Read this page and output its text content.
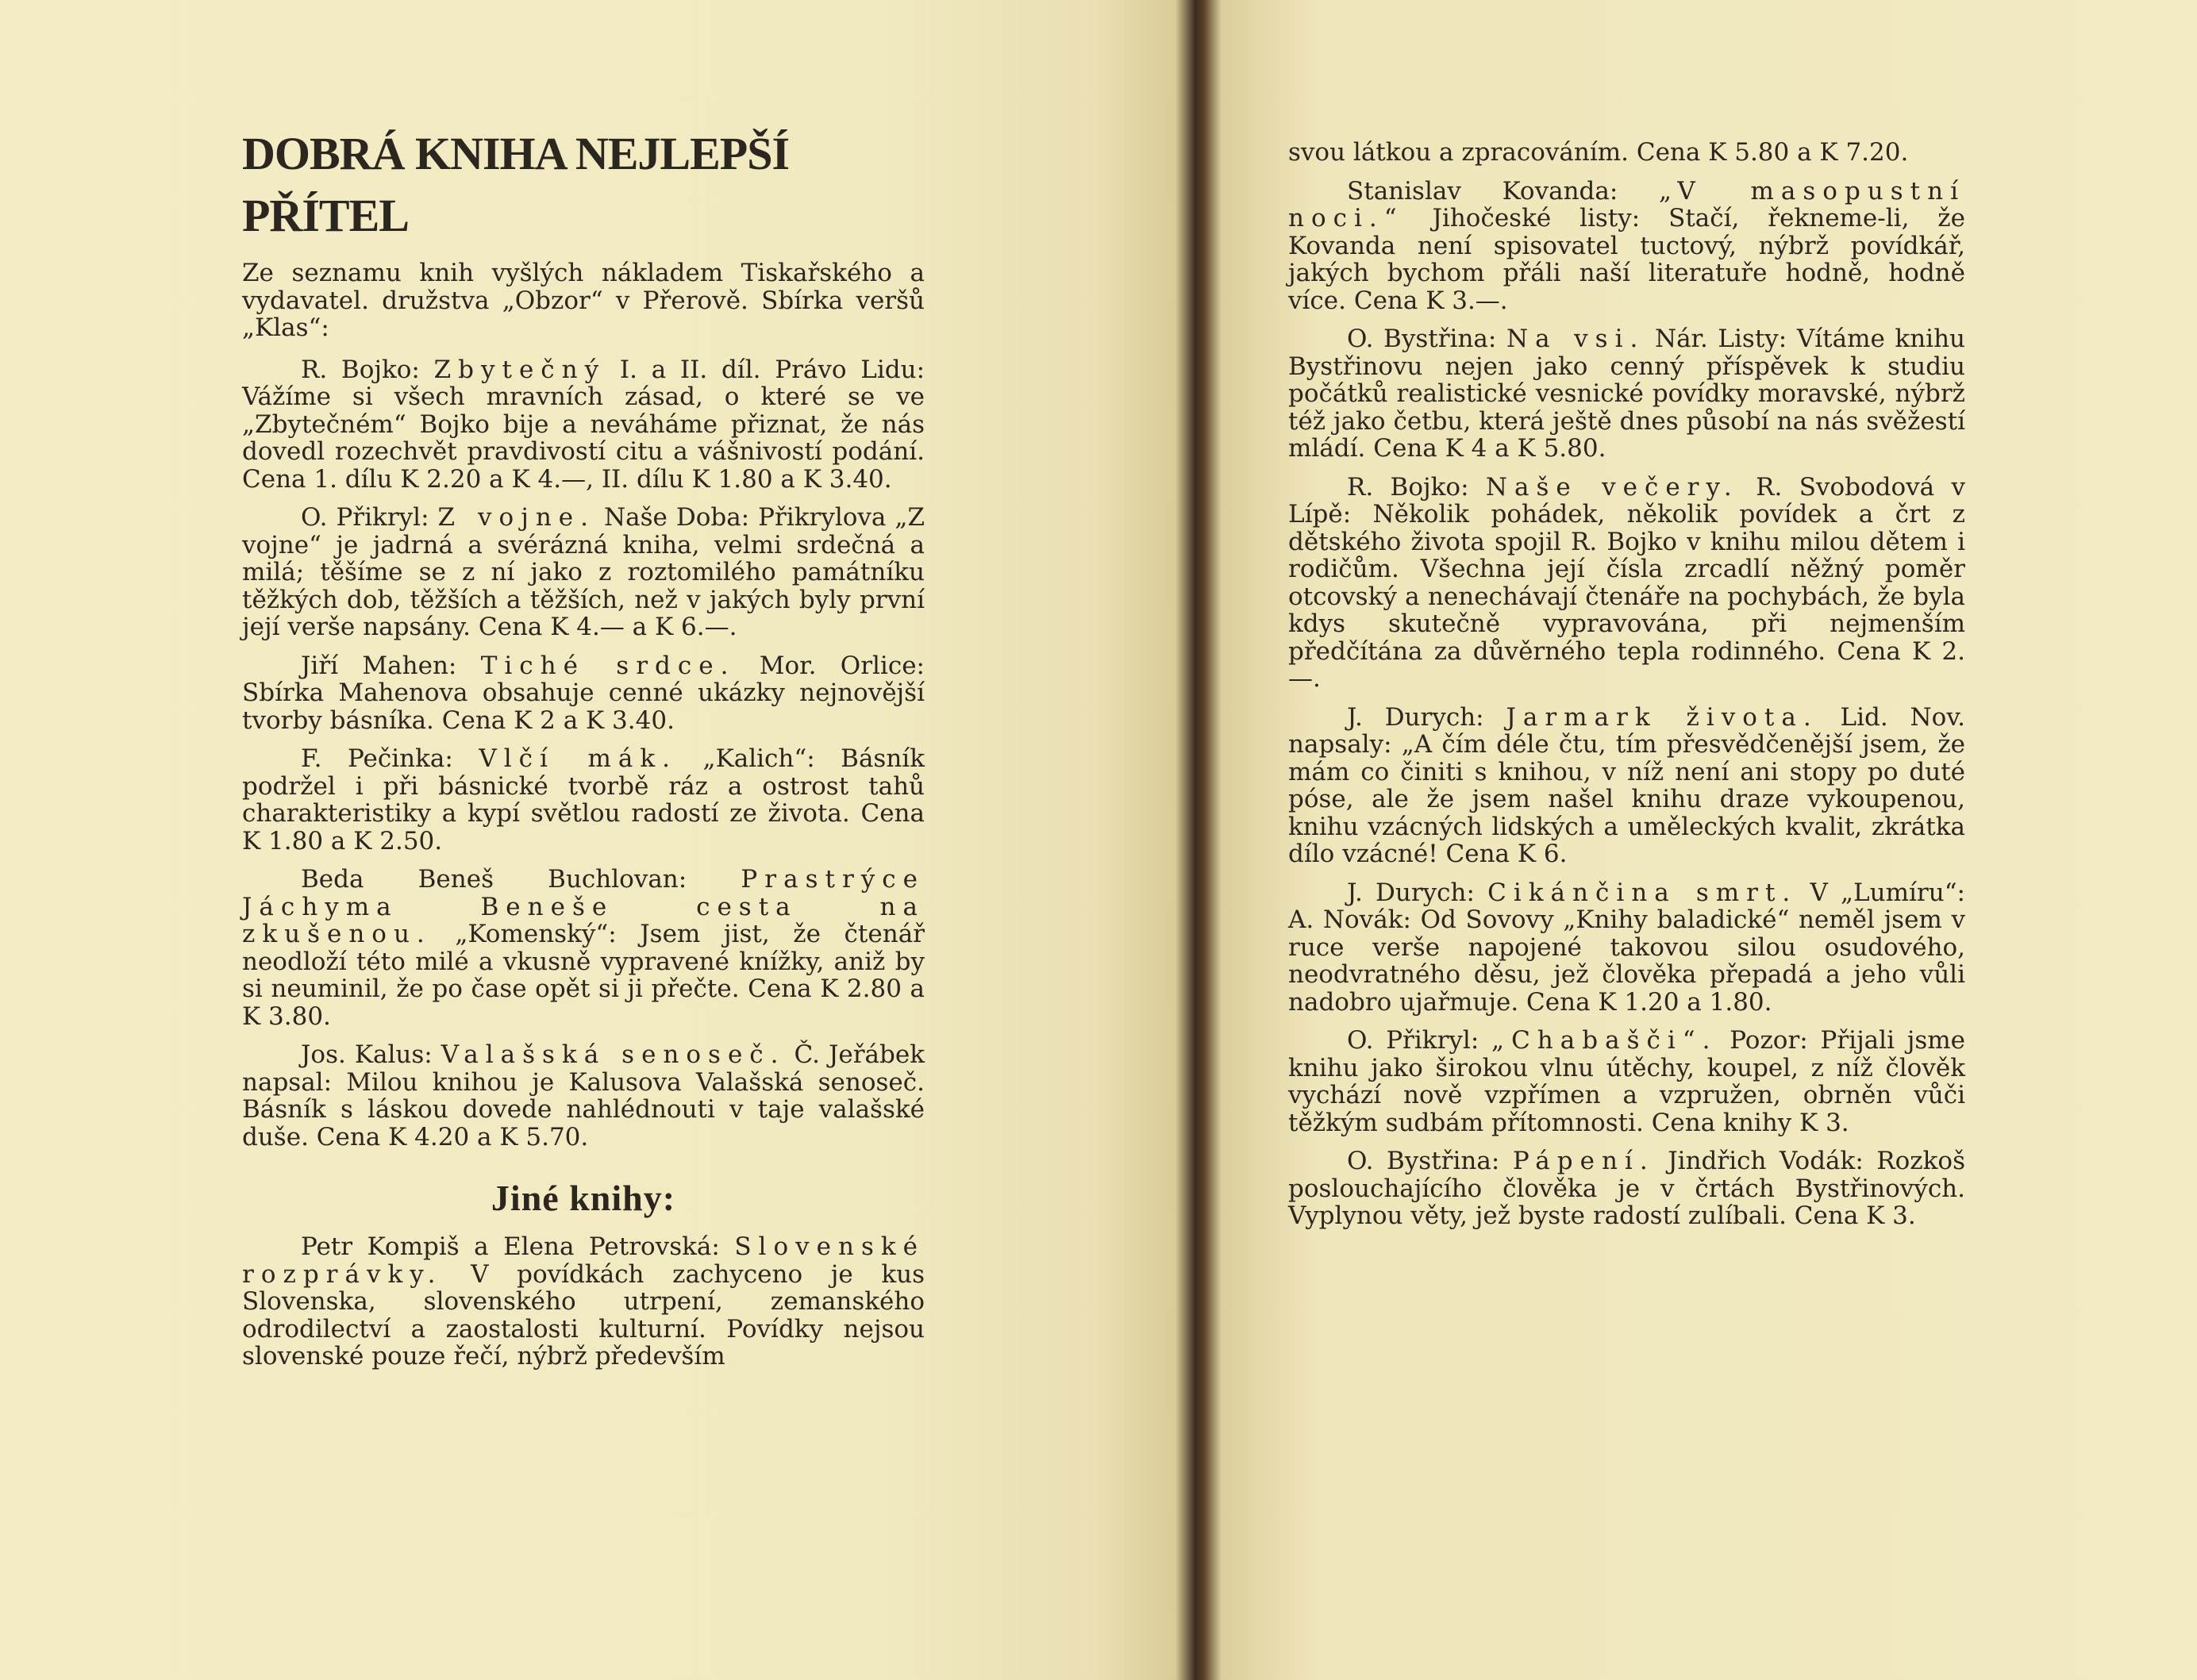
DOBRÁ KNIHA NEJLEPŠÍ PŘÍTEL

Ze seznamu knih vyšlých nákladem Tiskařského a vydavatel. družstva „Obzor“ v Přerově. Sbírka veršů „Klas“:

R. Bojko: Zbytečný I. a II. díl. Právo Lidu: Vážíme si všech mravních zásad, o které se ve „Zbytečném“ Bojko bije a neváháme přiznat, že nás dovedl rozechvět pravdivostí citu a vášnivostí podání. Cena 1. dílu K 2.20 a K 4.—, II. dílu K 1.80 a K 3.40.

O. Přikryl: Z vojne. Naše Doba: Přikrylova „Z vojne“ je jadrná a svérázná kniha, velmi srdečná a milá; těšíme se z ní jako z roztomilého památníku těžkých dob, těžších a těžších, než v jakých byly první její verše napsány. Cena K 4.— a K 6.—.

Jiří Mahen: Tiché srdce. Mor. Orlice: Sbírka Mahenova obsahuje cenné ukázky nejnovější tvorby básníka. Cena K 2 a K 3.40.

F. Pečinka: Vlčí mák. „Kalich“: Básník podržel i při básnické tvorbě ráz a ostrost tahů charakteristiky a kypí světlou radostí ze života. Cena K 1.80 a K 2.50.

Beda Beneš Buchlovan: Prastrýce Jáchyma Beneše cesta na zkušenou. „Komenský“: Jsem jist, že čtenář neodloží této milé a vkusně vypravené knížky, aniž by si neuminil, že po čase opět si ji přečte. Cena K 2.80 a K 3.80.

Jos. Kalus: Valašská senoseč. Č. Jeřábek napsal: Milou knihou je Kalusova Valašská senoseč. Básník s láskou dovede nahlédnouti v taje valašské duše. Cena K 4.20 a K 5.70.

Jiné knihy:

Petr Kompiš a Elena Petrovská: Slovenské rozprávky. V povídkách zachyceno je kus Slovenska, slovenského utrpení, zemanského odrodilectví a zaostalosti kulturní. Povídky nejsou slovenské pouze řečí, nýbrž především

svou látkou a zpracováním. Cena K 5.80 a K 7.20.

Stanislav Kovanda: „V masopustní noci.“ Jihočeské listy: Stačí, řekneme-li, že Kovanda není spisovatel tuctový, nýbrž povídkář, jakých bychom přáli naší literatuře hodně, hodně více. Cena K 3.—.

O. Bystřina: Na vsi. Nár. Listy: Vítáme knihu Bystřinovu nejen jako cenný příspěvek k studiu počátků realistické vesnické povídky moravské, nýbrž též jako četbu, která ještě dnes působí na nás svěžestí mládí. Cena K 4 a K 5.80.

R. Bojko: Naše večery. R. Svobodová v Lípě: Několik pohádek, několik povídek a črt z dětského života spojil R. Bojko v knihu milou dětem i rodičům. Všechna její čísla zrcadlí něžný poměr otcovský a nenechávají čtenáře na pochybách, že byla kdys skutečně vypravována, při nejmenším předčítána za důvěrného tepla rodinného. Cena K 2.—.

J. Durych: Jarmark života. Lid. Nov. napsaly: „A čím déle čtu, tím přesvědčenější jsem, že mám co činiti s knihou, v níž není ani stopy po duté póse, ale že jsem našel knihu draze vykoupenou, knihu vzácných lidských a uměleckých kvalit, zkrátka dílo vzácné! Cena K 6.

J. Durych: Cikánčina smrt. V „Lumíru“: A. Novák: Od Sovovy „Knihy baladické“ neměl jsem v ruce verše napojené takovou silou osudového, neodvratného děsu, jež člověka přepadá a jeho vůli nadobro ujařmuje. Cena K 1.20 a 1.80.

O. Přikryl: „Chabašči“. Pozor: Přijali jsme knihu jako širokou vlnu útěchy, koupel, z níž člověk vychází nově vzpřímen a vzpružen, obrněn vůči těžkým sudbám přítomnosti. Cena knihy K 3.

O. Bystřina: Pápení. Jindřich Vodák: Rozkoš poslouchajícího člověka je v črtách Bystřinových. Vyplynou věty, jež byste radostí zulíbali. Cena K 3.
